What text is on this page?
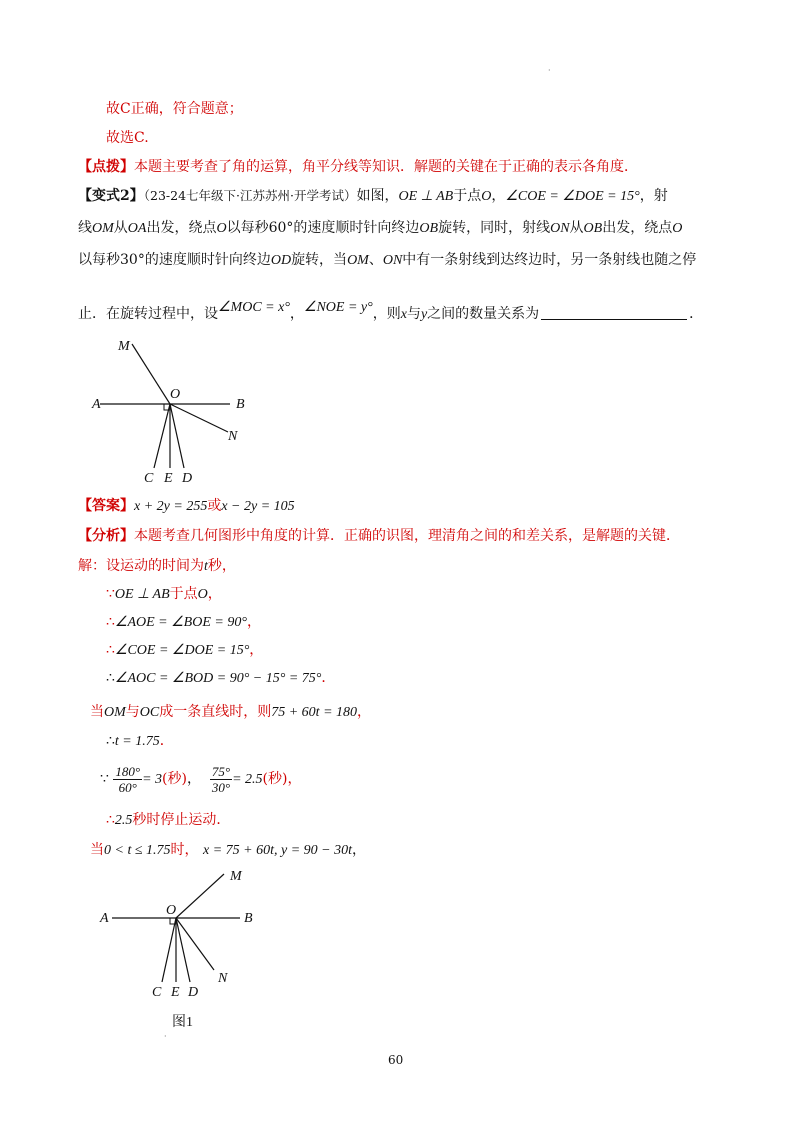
·
故C正确，符合题意；
故选C.
【点拨】本题主要考查了角的运算，角平分线等知识．解题的关键在于正确的表示各角度．
【变式2】（23-24七年级下·江苏苏州·开学考试）如图，OE ⊥ AB于点O，∠COE = ∠DOE = 15°，射
线OM从OA出发，绕点O以每秒60°的速度顺时针向终边OB旋转，同时，射线ON从OB出发，绕点O
以每秒30°的速度顺时针向终边OD旋转，当OM、ON中有一条射线到达终边时，另一条射线也随之停
止．在旋转过程中，设∠MOC = x°，∠NOE = y°，则x与y之间的数量关系为	．
M
O
A	B
N
C E D
【答案】x + 2y = 255或x − 2y = 105
【分析】本题考查几何图形中角度的计算．正确的识图，理清角之间的和差关系，是解题的关键．
解：设运动的时间为t秒，
∵OE ⊥ AB于点O，
∴∠AOE = ∠BOE = 90°，
∴∠COE = ∠DOE = 15°，
∴∠AOC = ∠BOD = 90° − 15° = 75°．
当OM与OC成一条直线时，则75 + 60t = 180，
∴t = 1.75．
∵ $\frac{180^\circ}{60^\circ} = 3$(秒)， $\frac{75^\circ}{30^\circ} = 2.5$(秒)，
∴2.5秒时停止运动．
当0 < t ≤ 1.75时， x = 75 + 60t, y = 90 − 30t，
M
O
A	B
N
C E D
图1
·
60
